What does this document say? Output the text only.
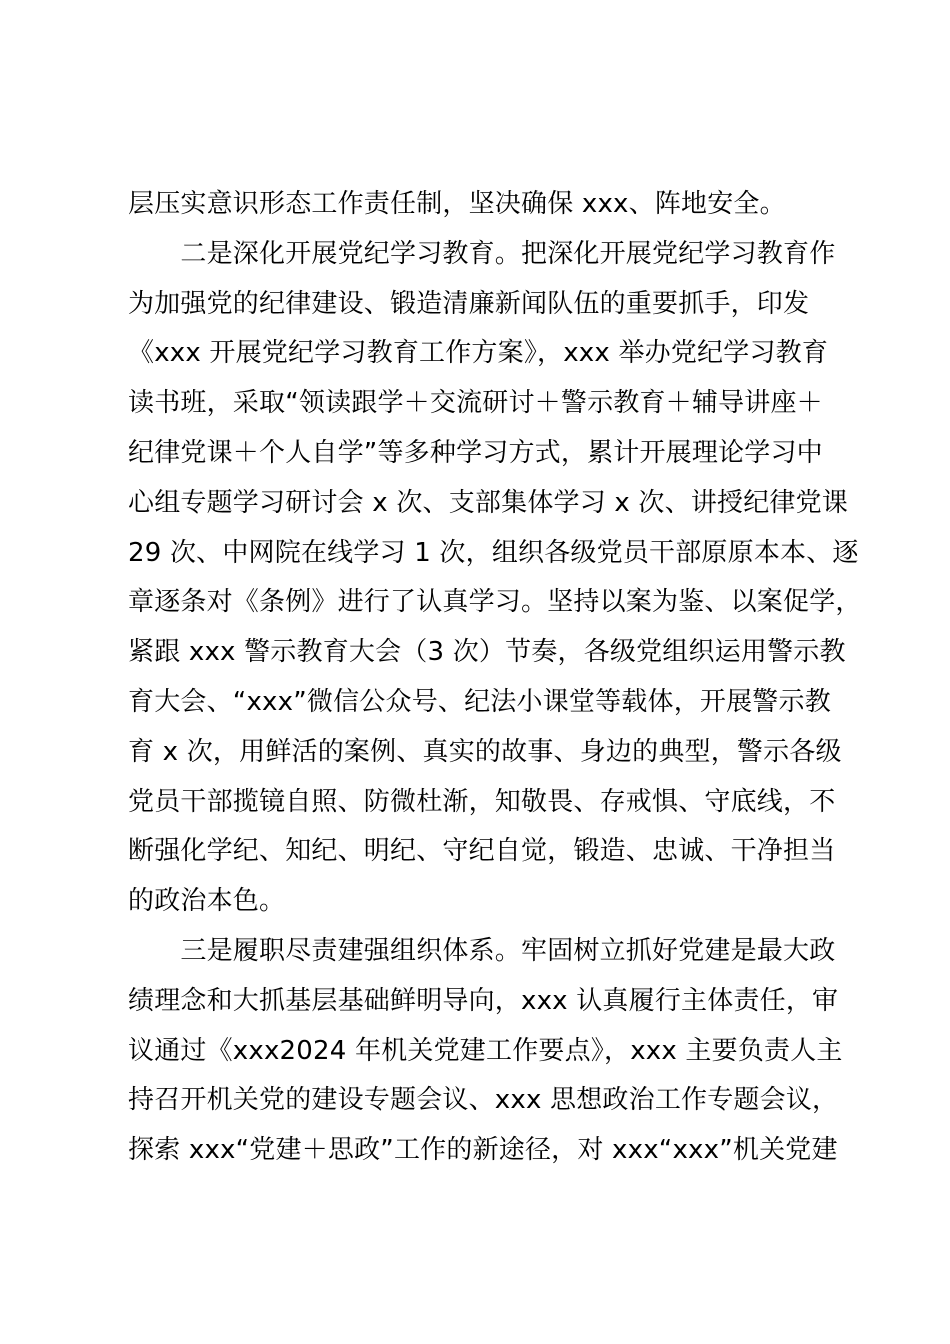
层压实意识形态工作责任制，坚决确保 xxx、阵地安全。
　　二是深化开展党纪学习教育。把深化开展党纪学习教育作
为加强党的纪律建设、锻造清廉新闻队伍的重要抓手，印发
《xxx 开展党纪学习教育工作方案》，xxx 举办党纪学习教育
读书班，采取“领读跟学＋交流研讨＋警示教育＋辅导讲座＋
纪律党课＋个人自学”等多种学习方式，累计开展理论学习中
心组专题学习研讨会 x 次、支部集体学习 x 次、讲授纪律党课
29 次、中网院在线学习 1 次，组织各级党员干部原原本本、逐
章逐条对《条例》进行了认真学习。坚持以案为鉴、以案促学，
紧跟 xxx 警示教育大会（3 次）节奏，各级党组织运用警示教
育大会、“xxx”微信公众号、纪法小课堂等载体，开展警示教
育 x 次，用鲜活的案例、真实的故事、身边的典型，警示各级
党员干部揽镜自照、防微杜渐，知敬畏、存戒惧、守底线，不
断强化学纪、知纪、明纪、守纪自觉，锻造、忠诚、干净担当
的政治本色。
　　三是履职尽责建强组织体系。牢固树立抓好党建是最大政
绩理念和大抓基层基础鲜明导向，xxx 认真履行主体责任，审
议通过《xxx2024 年机关党建工作要点》，xxx 主要负责人主
持召开机关党的建设专题会议、xxx 思想政治工作专题会议，
探索 xxx“党建＋思政”工作的新途径，对 xxx“xxx”机关党建
